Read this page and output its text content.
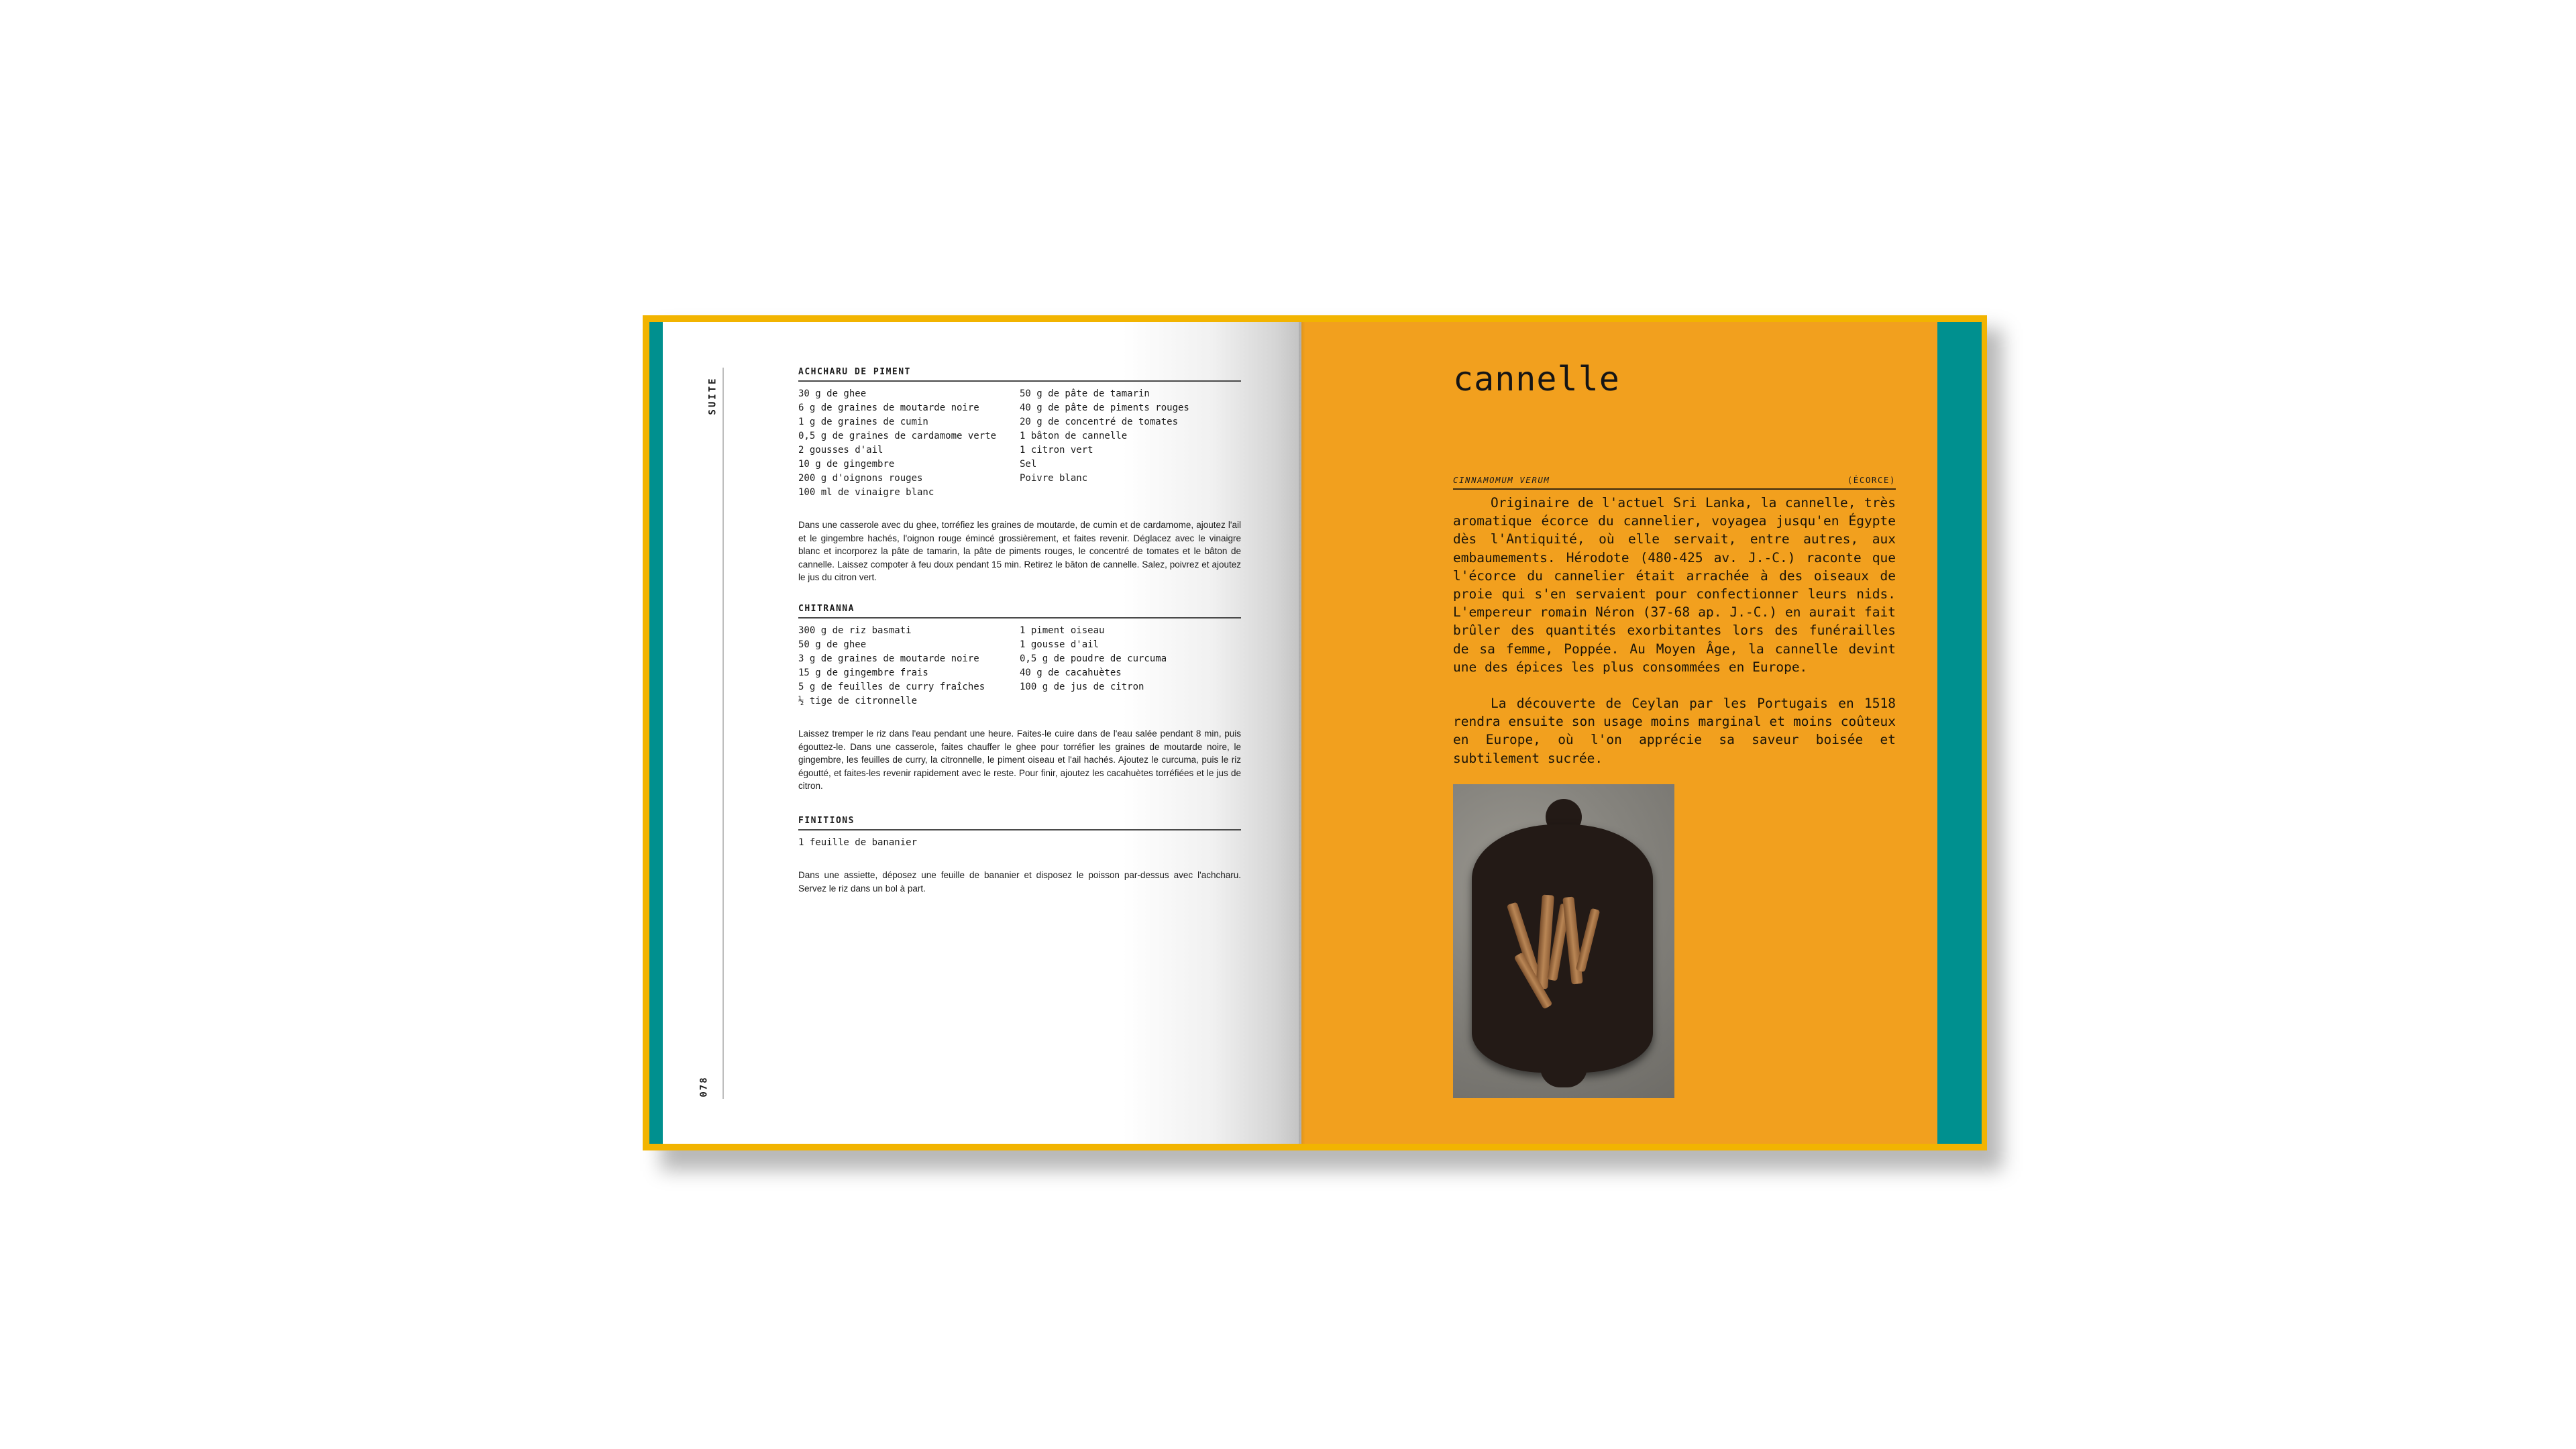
SUITE
078
ACHCHARU DE PIMENT
30 g de ghee
6 g de graines de moutarde noire
1 g de graines de cumin
0,5 g de graines de cardamome verte
2 gousses d'ail
10 g de gingembre
200 g d'oignons rouges
100 ml de vinaigre blanc
50 g de pâte de tamarin
40 g de pâte de piments rouges
20 g de concentré de tomates
1 bâton de cannelle
1 citron vert
Sel
Poivre blanc
Dans une casserole avec du ghee, torréfiez les graines de moutarde, de cumin et de cardamome, ajoutez l'ail et le gingembre hachés, l'oignon rouge émincé grossièrement, et faites revenir. Déglacez avec le vinaigre blanc et incorporez la pâte de tamarin, la pâte de piments rouges, le concentré de tomates et le bâton de cannelle. Laissez compoter à feu doux pendant 15 min. Retirez le bâton de cannelle. Salez, poivrez et ajoutez le jus du citron vert.
CHITRANNA
300 g de riz basmati
50 g de ghee
3 g de graines de moutarde noire
15 g de gingembre frais
5 g de feuilles de curry fraîches
½ tige de citronnelle
1 piment oiseau
1 gousse d'ail
0,5 g de poudre de curcuma
40 g de cacahuètes
100 g de jus de citron
Laissez tremper le riz dans l'eau pendant une heure. Faites-le cuire dans de l'eau salée pendant 8 min, puis égouttez-le. Dans une casserole, faites chauffer le ghee pour torréfier les graines de moutarde noire, le gingembre, les feuilles de curry, la citronnelle, le piment oiseau et l'ail hachés. Ajoutez le curcuma, puis le riz égoutté, et faites-les revenir rapidement avec le reste. Pour finir, ajoutez les cacahuètes torréfiées et le jus de citron.
FINITIONS
1 feuille de bananier
Dans une assiette, déposez une feuille de bananier et disposez le poisson par-dessus avec l'achcharu. Servez le riz dans un bol à part.
cannelle
CINNAMOMUM VERUM	(ÉCORCE)

Originaire de l'actuel Sri Lanka, la cannelle, très aromatique écorce du cannelier, voyagea jusqu'en Égypte dès l'Antiquité, où elle servait, entre autres, aux embaumements. Hérodote (480-425 av. J.-C.) raconte que l'écorce du cannelier était arrachée à des oiseaux de proie qui s'en servaient pour confectionner leurs nids. L'empereur romain Néron (37-68 ap. J.-C.) en aurait fait brûler des quantités exorbitantes lors des funérailles de sa femme, Poppée. Au Moyen Âge, la cannelle devint une des épices les plus consommées en Europe.

La découverte de Ceylan par les Portugais en 1518 rendra ensuite son usage moins marginal et moins coûteux en Europe, où l'on apprécie sa saveur boisée et subtilement sucrée.
